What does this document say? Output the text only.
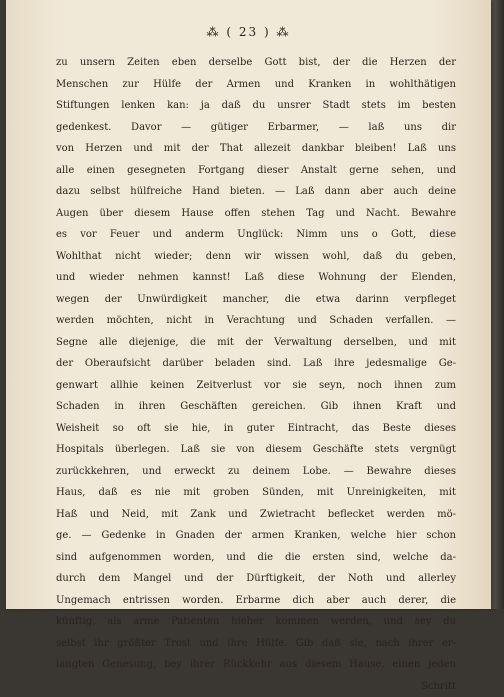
⁂ ( 23 ) ⁂
zu unsern Zeiten eben derselbe Gott bist, der die Herzen der
Menschen zur Hülfe der Armen und Kranken in wohlthätigen
Stiftungen lenken kan: ja daß du unsrer Stadt stets im besten
gedenkest. Davor — gütiger Erbarmer, — laß uns dir
von Herzen und mit der That allezeit dankbar bleiben! Laß uns
alle einen gesegneten Fortgang dieser Anstalt gerne sehen, und
dazu selbst hülfreiche Hand bieten. — Laß dann aber auch deine
Augen über diesem Hause offen stehen Tag und Nacht. Bewahre
es vor Feuer und anderm Unglück: Nimm uns o Gott, diese
Wohlthat nicht wieder; denn wir wissen wohl, daß du geben,
und wieder nehmen kannst! Laß diese Wohnung der Elenden,
wegen der Unwürdigkeit mancher, die etwa darinn verpfleget
werden möchten, nicht in Verachtung und Schaden verfallen. —
Segne alle diejenige, die mit der Verwaltung derselben, und mit
der Oberaufsicht darüber beladen sind. Laß ihre jedesmalige Ge-
genwart allhie keinen Zeitverlust vor sie seyn, noch ihnen zum
Schaden in ihren Geschäften gereichen. Gib ihnen Kraft und
Weisheit so oft sie hie, in guter Eintracht, das Beste dieses
Hospitals überlegen. Laß sie von diesem Geschäfte stets vergnügt
zurückkehren, und erweckt zu deinem Lobe. — Bewahre dieses
Haus, daß es nie mit groben Sünden, mit Unreinigkeiten, mit
Haß und Neid, mit Zank und Zwietracht beflecket werden mö-
ge. — Gedenke in Gnaden der armen Kranken, welche hier schon
sind aufgenommen worden, und die die ersten sind, welche da-
durch dem Mangel und der Dürftigkeit, der Noth und allerley
Ungemach entrissen worden. Erbarme dich aber auch derer, die
künftig, als arme Patienten hieher kommen werden, und sey du
selbst ihr größter Trost und ihre Hülfe. Gib daß sie, nach ihrer er-
langten Genesung, bey ihrer Rückkehr aus diesem Hause, einen jeden
Schritt
